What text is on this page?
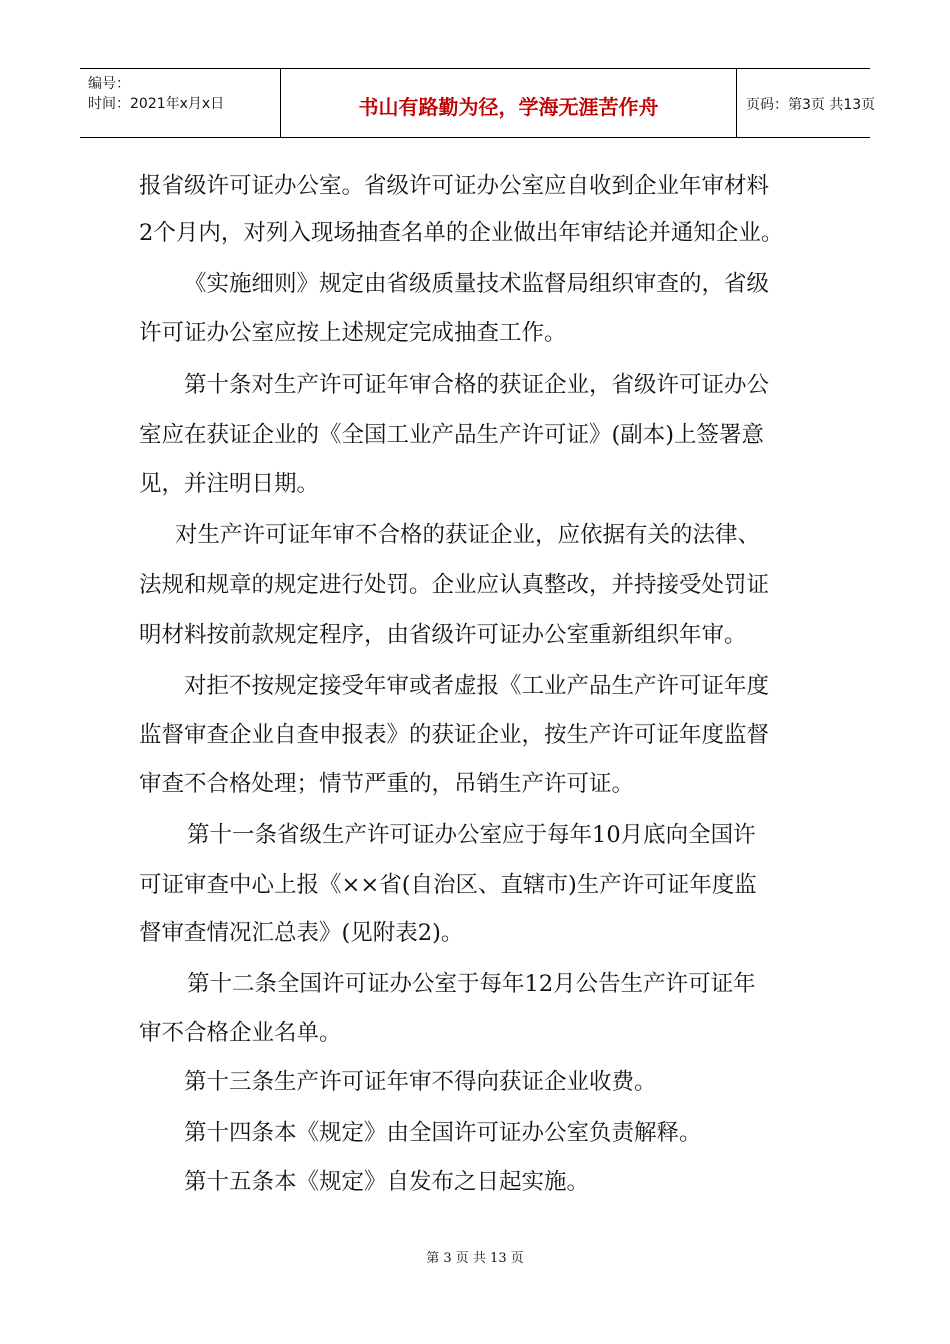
编号：
时间：2021年x月x日	书山有路勤为径，学海无涯苦作舟	页码：第3页 共13页
报省级许可证办公室。省级许可证办公室应自收到企业年审材料
2个月内，对列入现场抽查名单的企业做出年审结论并通知企业。
《实施细则》规定由省级质量技术监督局组织审查的，省级
许可证办公室应按上述规定完成抽查工作。
第十条对生产许可证年审合格的获证企业，省级许可证办公
室应在获证企业的《全国工业产品生产许可证》(副本)上签署意
见，并注明日期。
对生产许可证年审不合格的获证企业，应依据有关的法律、
法规和规章的规定进行处罚。企业应认真整改，并持接受处罚证
明材料按前款规定程序，由省级许可证办公室重新组织年审。
对拒不按规定接受年审或者虚报《工业产品生产许可证年度
监督审查企业自查申报表》的获证企业，按生产许可证年度监督
审查不合格处理；情节严重的，吊销生产许可证。
第十一条省级生产许可证办公室应于每年10月底向全国许
可证审查中心上报《××省(自治区、直辖市)生产许可证年度监
督审查情况汇总表》(见附表2)。
第十二条全国许可证办公室于每年12月公告生产许可证年
审不合格企业名单。
第十三条生产许可证年审不得向获证企业收费。
第十四条本《规定》由全国许可证办公室负责解释。
第十五条本《规定》自发布之日起实施。
第 3 页 共 13 页
